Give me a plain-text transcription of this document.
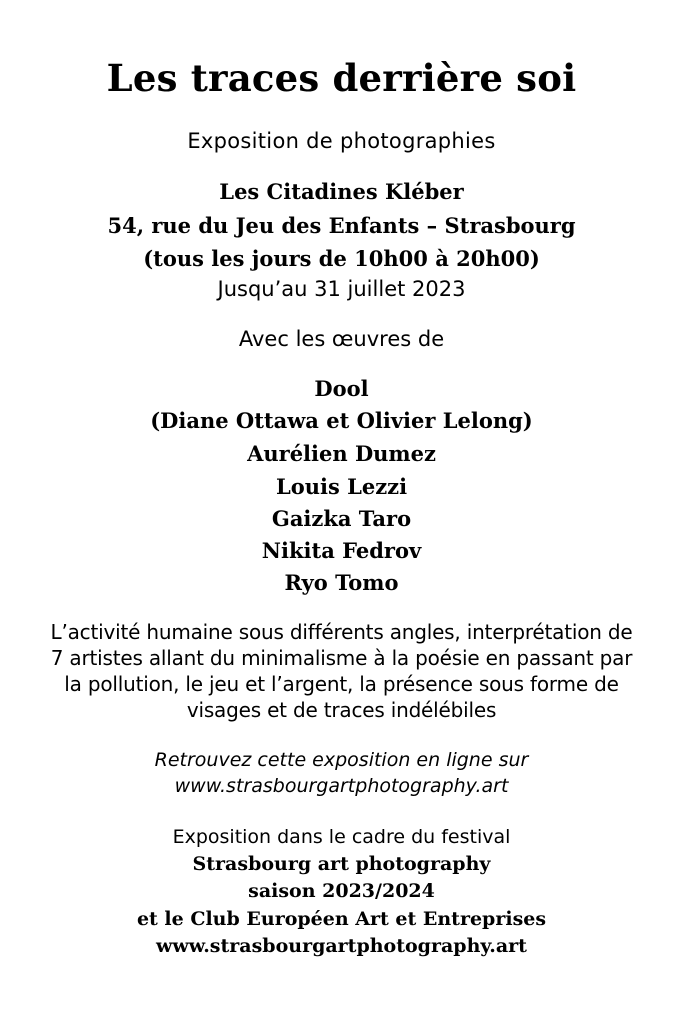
Les traces derrière soi
Exposition de photographies
Les Citadines Kléber
54, rue du Jeu des Enfants – Strasbourg
(tous les jours de 10h00 à 20h00)
Jusqu’au 31 juillet 2023
Avec les œuvres de
Dool
(Diane Ottawa et Olivier Lelong)
Aurélien Dumez
Louis Lezzi
Gaizka Taro
Nikita Fedrov
Ryo Tomo
L’activité humaine sous différents angles, interprétation de
7 artistes allant du minimalisme à la poésie en passant par
la pollution, le jeu et l’argent, la présence sous forme de
visages et de traces indélébiles
Retrouvez cette exposition en ligne sur
www.strasbourgartphotography.art
Exposition dans le cadre du festival
Strasbourg art photography
saison 2023/2024
et le Club Européen Art et Entreprises
www.strasbourgartphotography.art
